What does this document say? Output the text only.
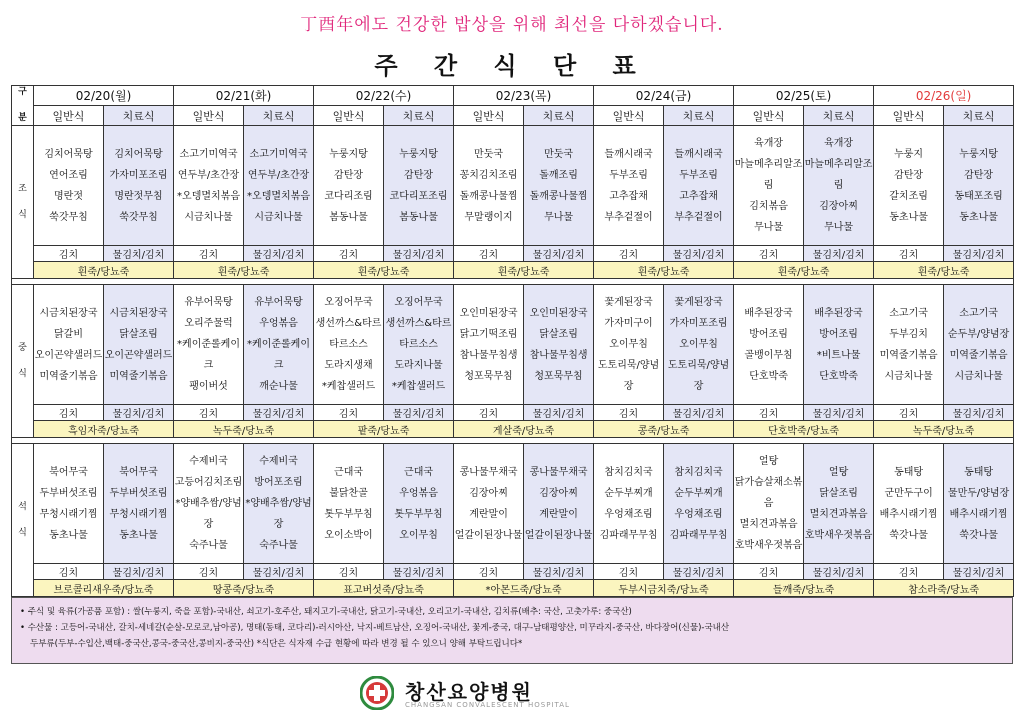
丁酉年에도 건강한 밥상을 위해 최선을 다하겠습니다.
주 간 식 단 표
구

분	02/20(월)		02/21(화)		02/22(수)		02/23(목)		02/24(금)		02/25(토)		02/26(일)	
	일반식	치료식	일반식	치료식	일반식	치료식	일반식	치료식	일반식	치료식	일반식	치료식	일반식	치료식
조

식	김치어묵탕
연어조림
명란젓
쑥갓무침	김치어묵탕
가자미포조림
명란젓무침
쑥갓무침	소고기미역국
연두부/초간장
*오뎅멸치볶음
시금치나물	소고기미역국
연두부/초간장
*오뎅멸치볶음
시금치나물	누룽지탕
감탄장
코다리조림
봄동나물	누룽지탕
감탄장
코다리포조림
봄동나물	만둣국
꽁치김치조림
돌깨콩나물찜
무말랭이지	만둣국
돌깨조림
돌깨콩나물찜
무나물	들깨시래국
두부조림
고추잡채
부추겉절이	들깨시래국
두부조림
고추잡채
부추겉절이	육개장
마늘메추리알조림
김치볶음
무나물	육개장
마늘메추리알조림
김장아찌
무나물	누룽지
감탄장
갈치조림
동초나물	누룽지탕
감탄장
동태포조림
동초나물
	김치	물김치/김치	김치	물김치/김치	김치	물김치/김치	김치	물김치/김치	김치	물김치/김치	김치	물김치/김치	김치	물김치/김치
	흰죽/당뇨죽		흰죽/당뇨죽		흰죽/당뇨죽		흰죽/당뇨죽		흰죽/당뇨죽		흰죽/당뇨죽		흰죽/당뇨죽	

중

식	시금치된장국
닭갈비
오이곤약샐러드
미역줄기볶음	시금치된장국
닭살조림
오이곤약샐러드
미역줄기볶음	유부어묵탕
오리주물럭
*케이준롤케이크
팽이버섯	유부어묵탕
우엉볶음
*케이준롤케이크
깨순나물	오징어무국
생선까스&타르
타르소스
도라지생채
*케찹샐러드	오징어무국
생선까스&타르
타르소스
도라지나물
*케찹샐러드	오인미된장국
닭고기떡조림
참나물무침생
청포묵무침	오인미된장국
닭살조림
참나물무침생
청포묵무침	꽃게된장국
가자미구이
오이무침
도토리묵/양념장	꽃게된장국
가자미포조림
오이무침
도토리묵/양념장	배추된장국
방어조림
골뱅이무침
단호박죽	배추된장국
방어조림
*비트나물
단호박죽	소고기국
두부김치
미역줄기볶음
시금치나물	소고기국
순두부/양념장
미역줄기볶음
시금치나물
	김치	물김치/김치	김치	물김치/김치	김치	물김치/김치	김치	물김치/김치	김치	물김치/김치	김치	물김치/김치	김치	물김치/김치
	흑임자죽/당뇨죽		녹두죽/당뇨죽		팥죽/당뇨죽		게살죽/당뇨죽		콩죽/당뇨죽		단호박죽/당뇨죽		녹두죽/당뇨죽	

석

식	북어무국
두부버섯조림
무청시래기찜
동초나물	북어무국
두부버섯조림
무청시래기찜
동초나물	수제비국
고등어김치조림
*양배추쌈/양념장
숙주나물	수제비국
방어포조림
*양배추쌈/양념장
숙주나물	근대국
불닭찬골
톳두부무침
오이소박이	근대국
우엉볶음
톳두부무침
오이무침	콩나물무채국
김장아찌
계란말이
얼갈이된장나물	콩나물무채국
김장아찌
계란말이
얼갈이된장나물	참치김치국
순두부찌개
우엉채조림
김파래무무침	참치김치국
순두부찌개
우엉채조림
김파래무무침	얼탕
닭가슴살채소볶음
멸치견과볶음
호박새우젓볶음	얼탕
닭살조림
멸치견과볶음
호박새우젓볶음	동태탕
군만두구이
배추시래기찜
쑥갓나물	동태탕
물만두/양념장
배추시래기찜
쑥갓나물
	김치	물김치/김치	김치	물김치/김치	김치	물김치/김치	김치	물김치/김치	김치	물김치/김치	김치	물김치/김치	김치	물김치/김치
	브로콜리새우죽/당뇨죽		땅콩죽/당뇨죽		표고버섯죽/당뇨죽		*아몬드죽/당뇨죽		두부시금치죽/당뇨죽		들깨죽/당뇨죽		참소라죽/당뇨죽	
• 주식 및 육류(가공품 포함) : 쌀(누룽지, 죽을 포함)-국내산, 쇠고기-호주산, 돼지고기-국내산, 닭고기-국내산, 오리고기-국내산, 김치류(배추: 국산, 고춧가루: 중국산)
• 수산물 : 고등어-국내산, 갈치-세네갈(순살-모로코,남아공), 명태(동태, 코다리)-러시아산, 낙지-베트남산, 오징어-국내산, 꽃게-중국, 대구-남태평양산, 미꾸라지-중국산, 바다장어(신물)-국내산
두부류(두부-수입산,백태-중국산,콩국-중국산,콩비지-중국산) *식단은 식자재 수급 현황에 따라 변경 될 수 있으니 양해 부탁드립니다*
창산요양병원
CHANGSAN CONVALESCENT HOSPITAL
